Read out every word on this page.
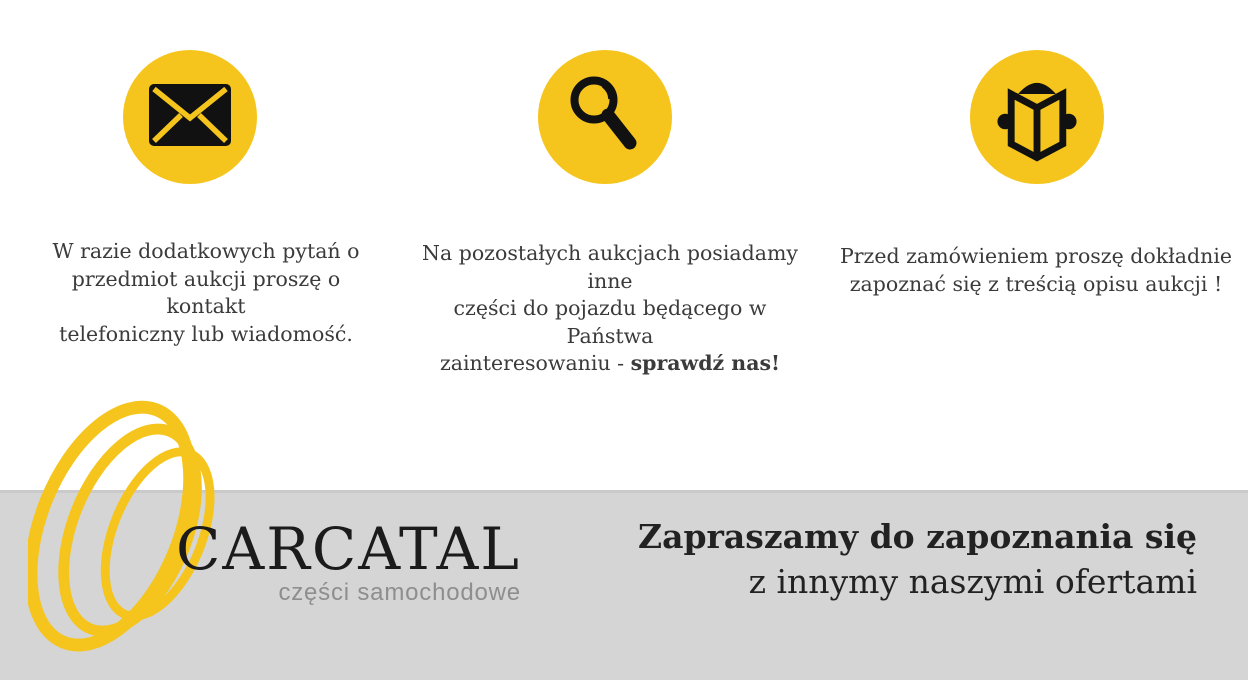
W razie dodatkowych pytań o
przedmiot aukcji proszę o kontakt
telefoniczny lub wiadomość.
Na pozostałych aukcjach posiadamy inne
części do pojazdu będącego w Państwa
zainteresowaniu - sprawdź nas!
Przed zamówieniem proszę dokładnie
zapoznać się z treścią opisu aukcji !
CARCATAL
części samochodowe
Zapraszamy do zapoznania się
z innymy naszymi ofertami
